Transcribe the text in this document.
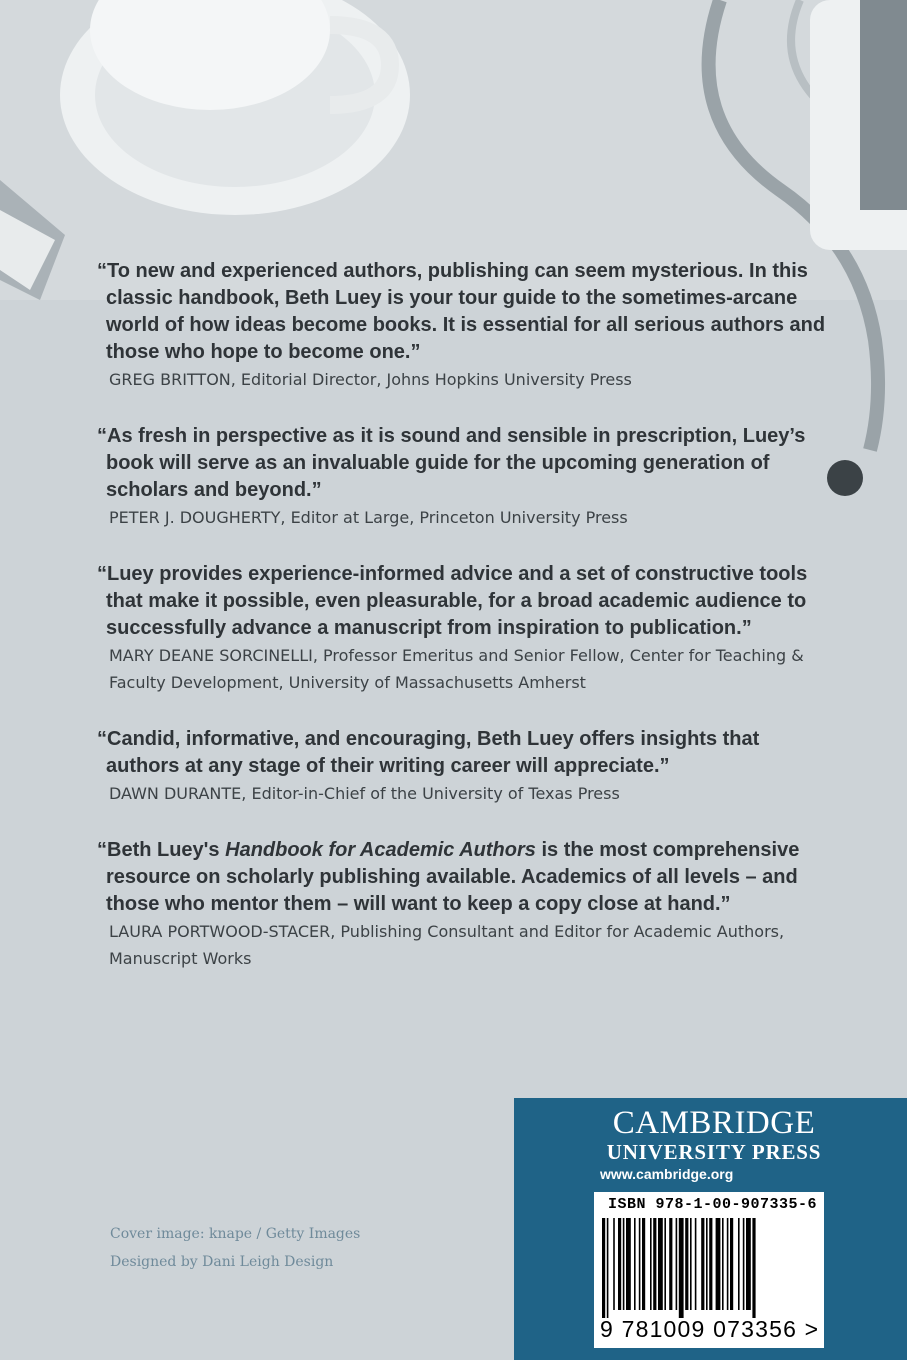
“To new and experienced authors, publishing can seem mysterious. In this classic handbook, Beth Luey is your tour guide to the sometimes-arcane world of how ideas become books. It is essential for all serious authors and those who hope to become one.”

GREG BRITTON, Editorial Director, Johns Hopkins University Press

“As fresh in perspective as it is sound and sensible in prescription, Luey’s book will serve as an invaluable guide for the upcoming generation of scholars and beyond.”

PETER J. DOUGHERTY, Editor at Large, Princeton University Press

“Luey provides experience-informed advice and a set of constructive tools that make it possible, even pleasurable, for a broad academic audience to successfully advance a manuscript from inspiration to publication.”

MARY DEANE SORCINELLI, Professor Emeritus and Senior Fellow, Center for Teaching & Faculty Development, University of Massachusetts Amherst

“Candid, informative, and encouraging, Beth Luey offers insights that authors at any stage of their writing career will appreciate.”

DAWN DURANTE, Editor-in-Chief of the University of Texas Press

“Beth Luey's Handbook for Academic Authors is the most comprehensive resource on scholarly publishing available. Academics of all levels – and those who mentor them – will want to keep a copy close at hand.”

LAURA PORTWOOD-STACER, Publishing Consultant and Editor for Academic Authors, Manuscript Works

Cover image: knape / Getty Images
Designed by Dani Leigh Design
CAMBRIDGE
UNIVERSITY PRESS
www.cambridge.org
ISBN 978-1-00-907335-6
9 781009 073356 >
